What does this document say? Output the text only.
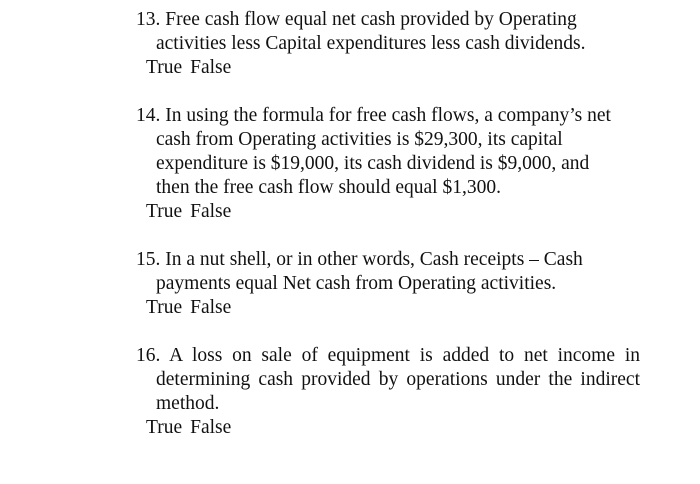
13. Free cash flow equal net cash provided by Operating activities less Capital expenditures less cash dividends.

True False

14. In using the formula for free cash flows, a company’s net cash from Operating activities is $29,300, its capital expenditure is $19,000, its cash dividend is $9,000, and then the free cash flow should equal $1,300.

True False

15. In a nut shell, or in other words, Cash receipts – Cash payments equal Net cash from Operating activities.

True False

16. A loss on sale of equipment is added to net income in determining cash provided by operations under the indirect method.

True False
